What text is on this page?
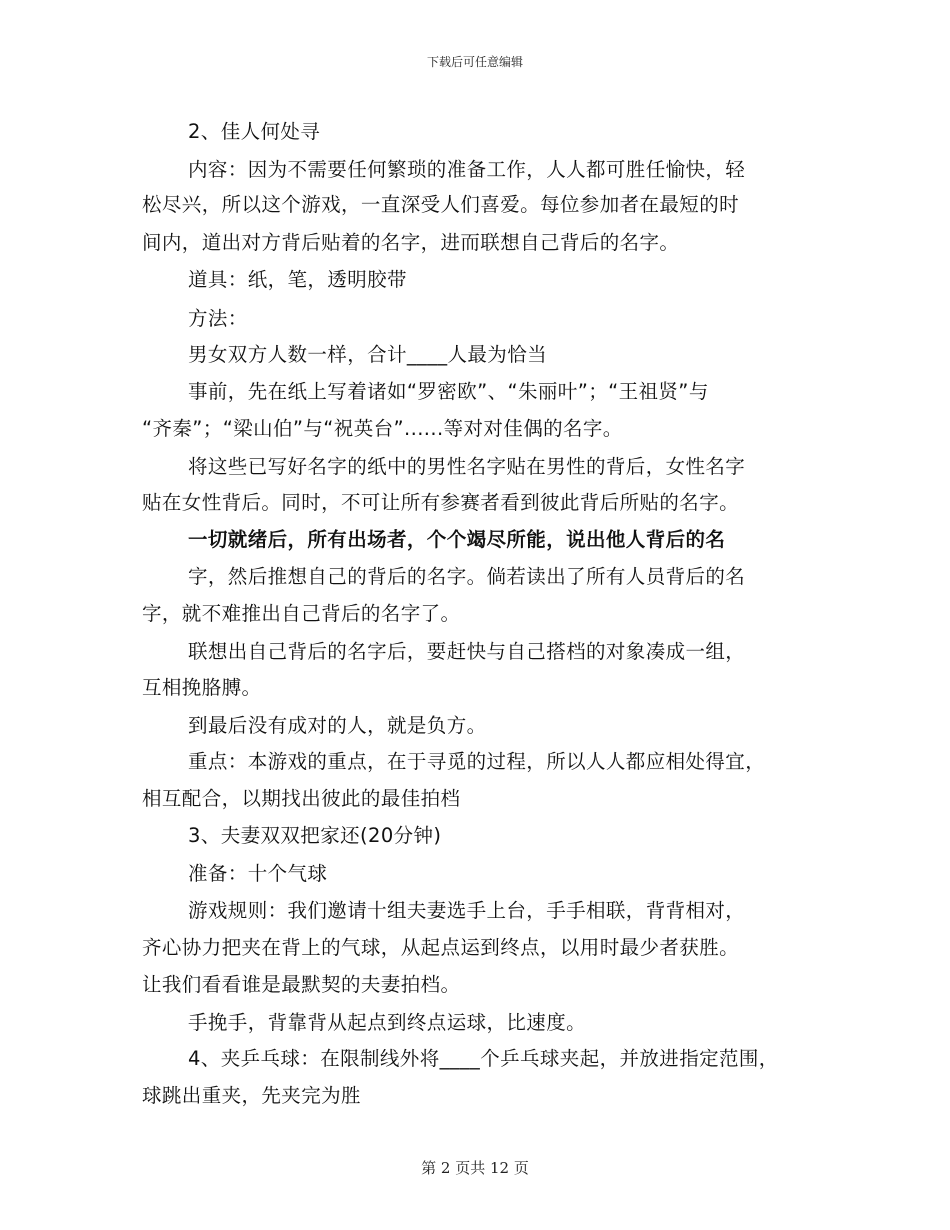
下载后可任意编辑
2、佳人何处寻
内容：因为不需要任何繁琐的准备工作，人人都可胜任愉快，轻
松尽兴，所以这个游戏，一直深受人们喜爱。每位参加者在最短的时
间内，道出对方背后贴着的名字，进而联想自己背后的名字。
道具：纸，笔，透明胶带
方法：
男女双方人数一样，合计____人最为恰当
事前，先在纸上写着诸如“罗密欧”、“朱丽叶”；“王祖贤”与
“齐秦”；“梁山伯”与“祝英台”......等对对佳偶的名字。
将这些已写好名字的纸中的男性名字贴在男性的背后，女性名字
贴在女性背后。同时，不可让所有参赛者看到彼此背后所贴的名字。
一切就绪后，所有出场者，个个竭尽所能，说出他人背后的名
字，然后推想自己的背后的名字。倘若读出了所有人员背后的名
字，就不难推出自己背后的名字了。
联想出自己背后的名字后，要赶快与自己搭档的对象凑成一组，
互相挽胳膊。
到最后没有成对的人，就是负方。
重点：本游戏的重点，在于寻觅的过程，所以人人都应相处得宜，
相互配合，以期找出彼此的最佳拍档
3、夫妻双双把家还(20分钟)
准备：十个气球
游戏规则：我们邀请十组夫妻选手上台，手手相联，背背相对，
齐心协力把夹在背上的气球，从起点运到终点，以用时最少者获胜。
让我们看看谁是最默契的夫妻拍档。
手挽手，背靠背从起点到终点运球，比速度。
4、夹乒乓球：在限制线外将____个乒乓球夹起，并放进指定范围，
球跳出重夹，先夹完为胜
第 2 页共 12 页
